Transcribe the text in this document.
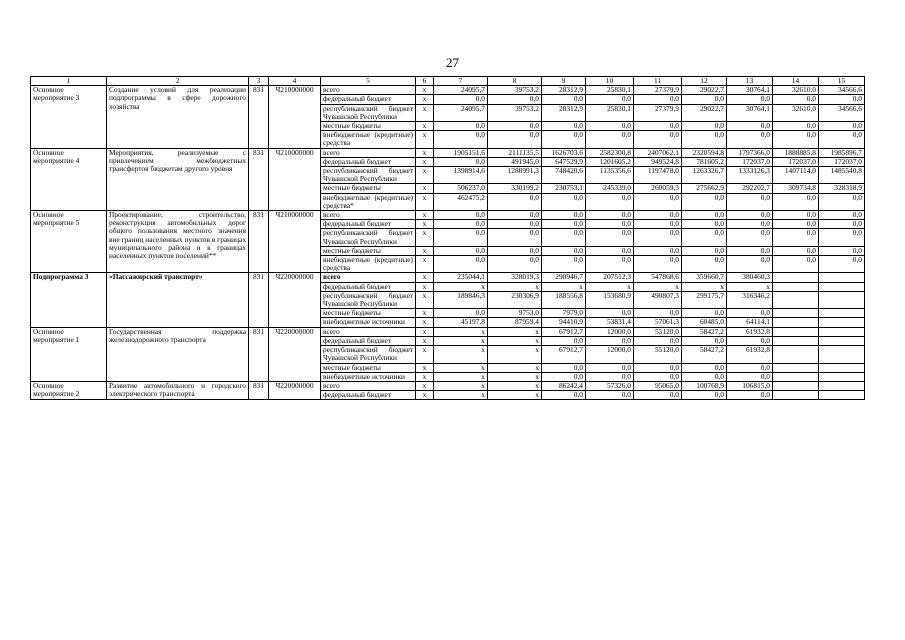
27
1	2	3	4	5	6	7	8	9	10	11	12	13	14	15
Основное мероприятие 3	Создание условий для реализации подпрограммы в сфере дорожного хозяйства	831	Ч210000000	всего	x	24095,7	39753,2	28312,9	25830,1	27379,9	29022,7	30764,1	32610,0	34566,6
				федеральный бюджет	x	0,0	0,0	0,0	0,0	0,0	0,0	0,0	0,0	0,0
				республиканский бюджет Чувашской Республики	x	24095,7	39753,2	28312,9	25830,1	27379,9	29022,7	30764,1	32610,0	34566,6
				местные бюджеты	x	0,0	0,0	0,0	0,0	0,0	0,0	0,0	0,0	0,0
				внебюджетные (кредитные) средства	x	0,0	0,0	0,0	0,0	0,0	0,0	0,0	0,0	0,0
Основное мероприятие 4	Мероприятия, реализуемые с привлечением межбюджетных трансфертов бюджетам другого уровня	831	Ч210000000	всего	x	1905151,6	2111135,5	1626703,6	2582300,8	2407062,1	2320594,8	1797366,0	1888885,8	1985896,7
				федеральный бюджет	x	0,0	491945,0	647529,9	1201605,2	949524,8	781605,2	172037,0	172037,0	172037,0
				республиканский бюджет Чувашской Республики	x	1398914,6	1288991,3	748420,6	1135356,6	1197478,0	1263326,7	1333126,3	1407114,0	1485540,8
				местные бюджеты	x	506237,0	330199,2	230753,1	245339,0	260059,3	275662,9	292202,7	309734,8	328318,9
				внебюджетные (кредитные) средства*	x	462475,2	0,0	0,0	0,0	0,0	0,0	0,0	0,0	0,0
Основное мероприятие 5	Проектирование, строительство, реконструкция автомобильных дорог общего пользования местного значения вне границ населенных пунктов в границах муниципального района и в границах населенных пунктов поселений**	831	Ч210000000	всего	x	0,0	0,0	0,0	0,0	0,0	0,0	0,0	0,0	0,0
				федеральный бюджет	x	0,0	0,0	0,0	0,0	0,0	0,0	0,0	0,0	0,0
				республиканский бюджет Чувашской Республики	x	0,0	0,0	0,0	0,0	0,0	0,0	0,0	0,0	0,0
				местные бюджеты	x	0,0	0,0	0,0	0,0	0,0	0,0	0,0	0,0	0,0
				внебюджетные (кредитные) средства	x	0,0	0,0	0,0	0,0	0,0	0,0	0,0	0,0	0,0
Подпрограмма 3	«Пассажирский транспорт»	831	Ч220000000	всего	x	235044,1	328019,3	290946,7	207512,3	547868,6	359660,7	380460,3		
				федеральный бюджет	x	x	x	x	x	x	x	x		
				республиканский бюджет Чувашской Республики	x	189846,3	230306,9	188556,8	153680,9	490807,3	299175,7	316346,2		
				местные бюджеты	x	0,0	9753,0	7979,0	0,0	0,0	0,0	0,0		
				внебюджетные источники	x	45197,8	87959,4	94410,9	53831,4	57061,3	60485,0	64114,1		
Основное мероприятие 1	Государственная поддержка железнодорожного транспорта	831	Ч220000000	всего	x	x	x	67912,7	12000,0	55120,0	58427,2	61932,8		
				федеральный бюджет	x	x	x	0,0	0,0	0,0	0,0	0,0		
				республиканский бюджет Чувашской Республики	x	x	x	67912,7	12000,0	55120,0	58427,2	61932,8		
				местные бюджеты	x	x	x	0,0	0,0	0,0	0,0	0,0		
				внебюджетные источники	x	x	x	0,0	0,0	0,0	0,0	0,0		
Основное мероприятие 2	Развитие автомобильного и городского электрического транспорта	831	Ч220000000	всего	x	x	x	86242,4	57326,0	95065,0	100768,9	106815,0		
				федеральный бюджет	x	x	x	0,0	0,0	0,0	0,0	0,0		
